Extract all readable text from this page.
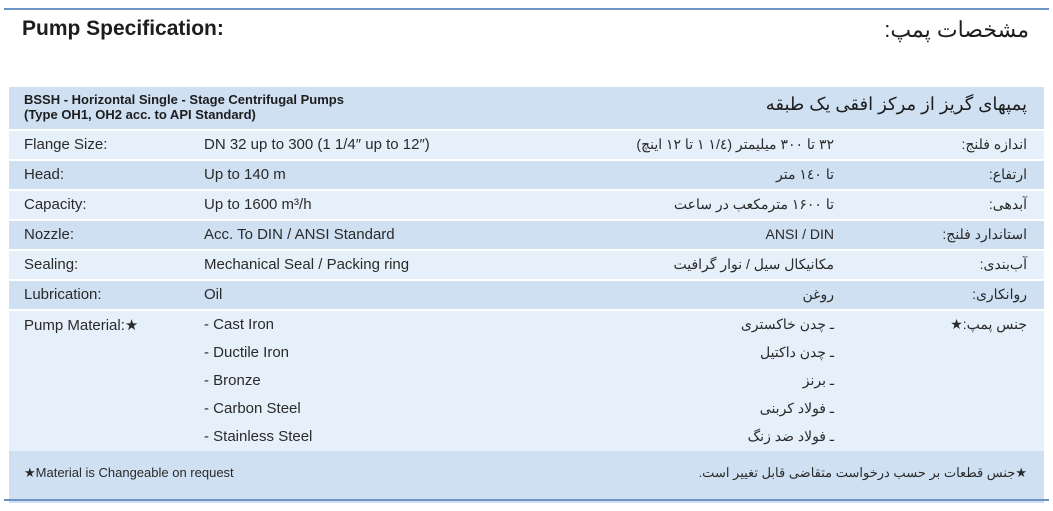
Pump Specification:	مشخصات پمپ:
BSSH - Horizontal Single - Stage Centrifugal Pumps
(Type OH1, OH2 acc. to API Standard)
پمپهای گریز از مرکز افقی یک طبقه
Flange Size:	DN 32 up to 300 (1 1/4″ up to 12″)	۳۲ تا ۳۰۰ میلیمتر (۱/٤ ۱ تا ۱۲ اینچ)	اندازه فلنج:
Head:	Up to 140 m	تا ۱٤۰ متر	ارتفاع:
Capacity:	Up to 1600 m³/h	تا ۱۶۰۰ مترمکعب در ساعت	آبدهی:
Nozzle:	Acc. To DIN / ANSI Standard	ANSI / DIN	استاندارد فلنج:
Sealing:	Mechanical Seal / Packing ring	مکانیکال سیل / نوار گرافیت	آب‌بندی:
Lubrication:	Oil	روغن	روانکاری:
Pump Material:★	- Cast Iron	ـ چدن خاکستری	جنس پمپ:★
- Ductile Iron	ـ چدن داکتیل
- Bronze	ـ برنز
- Carbon Steel	ـ فولاد کربنی
- Stainless Steel	ـ فولاد ضد زنگ
★Material is Changeable on request	★جنس قطعات بر حسب درخواست متقاضی قابل تغییر است.
